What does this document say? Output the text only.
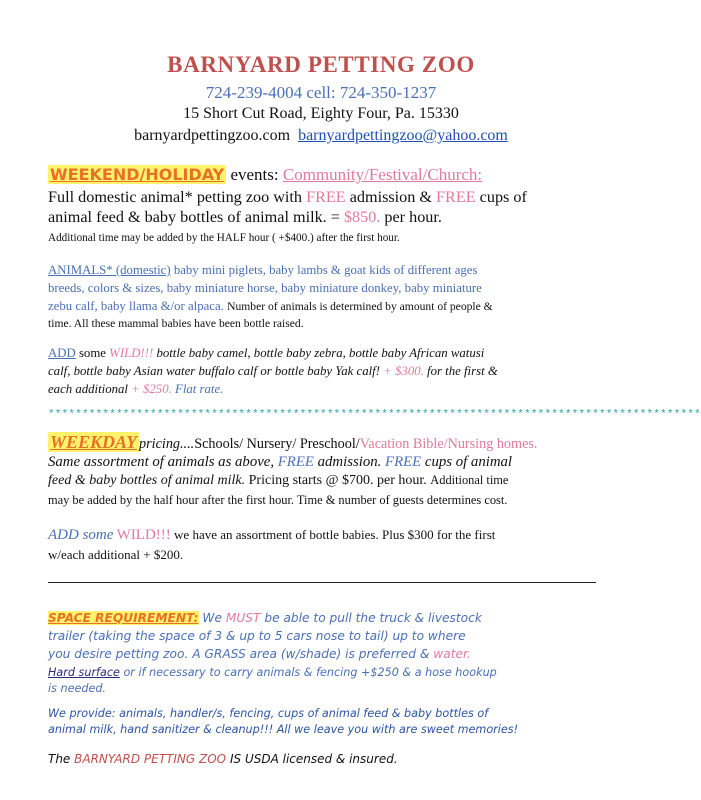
BARNYARD PETTING ZOO
724-239-4004 cell: 724-350-1237
15 Short Cut Road, Eighty Four, Pa. 15330
barnyardpettingzoo.com barnyardpettingzoo@yahoo.com
WEEKEND/HOLIDAY events: Community/Festival/Church:
Full domestic animal* petting zoo with FREE admission & FREE cups of
animal feed & baby bottles of animal milk. = $850. per hour.
Additional time may be added by the HALF hour ( +$400.) after the first hour.
ANIMALS* (domestic) baby mini piglets, baby lambs & goat kids of different ages
breeds, colors & sizes, baby miniature horse, baby miniature donkey, baby miniature
zebu calf, baby llama &/or alpaca. Number of animals is determined by amount of people &
time. All these mammal babies have been bottle raised.
ADD some WILD!!! bottle baby camel, bottle baby zebra, bottle baby African watusi
calf, bottle baby Asian water buffalo calf or bottle baby Yak calf! + $300. for the first &
each additional + $250. Flat rate.
************************************************************************************************
WEEKDAY pricing....Schools/ Nursery/ Preschool/Vacation Bible/Nursing homes.
Same assortment of animals as above, FREE admission. FREE cups of animal
feed & baby bottles of animal milk. Pricing starts @ $700. per hour. Additional time
may be added by the half hour after the first hour. Time & number of guests determines cost.
ADD some WILD!!! we have an assortment of bottle babies. Plus $300 for the first
w/each additional + $200.
SPACE REQUIREMENT: We MUST be able to pull the truck & livestock
trailer (taking the space of 3 & up to 5 cars nose to tail) up to where
you desire petting zoo. A GRASS area (w/shade) is preferred & water.
Hard surface or if necessary to carry animals & fencing +$250 & a hose hookup
is needed.
We provide: animals, handler/s, fencing, cups of animal feed & baby bottles of
animal milk, hand sanitizer & cleanup!!! All we leave you with are sweet memories!
The BARNYARD PETTING ZOO IS USDA licensed & insured.
